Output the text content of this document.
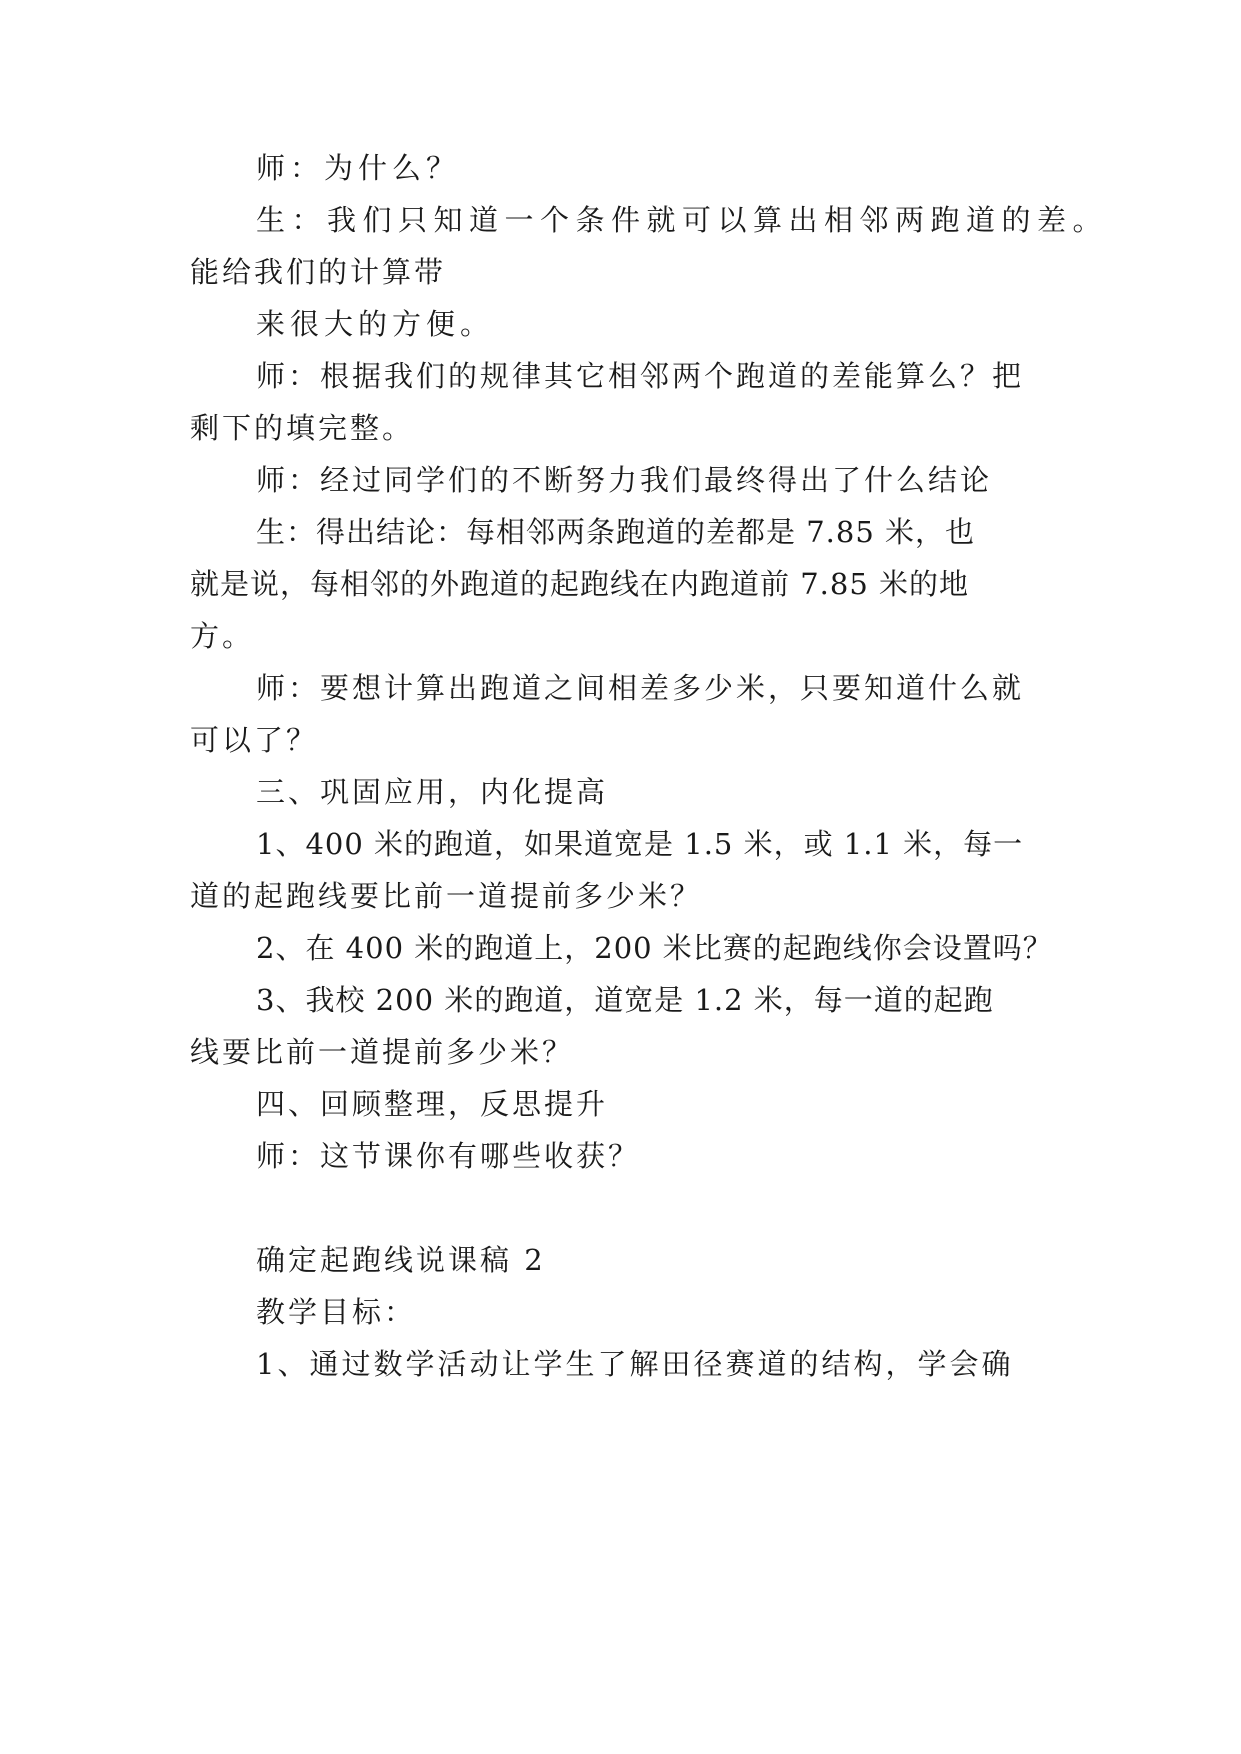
师：为什么？
生：我们只知道一个条件就可以算出相邻两跑道的差。
能给我们的计算带
来很大的方便。
师：根据我们的规律其它相邻两个跑道的差能算么？把
剩下的填完整。
师：经过同学们的不断努力我们最终得出了什么结论
生：得出结论：每相邻两条跑道的差都是 7.85 米，也
就是说，每相邻的外跑道的起跑线在内跑道前 7.85 米的地
方。
师：要想计算出跑道之间相差多少米，只要知道什么就
可以了？
三、巩固应用，内化提高
1、400 米的跑道，如果道宽是 1.5 米，或 1.1 米，每一
道的起跑线要比前一道提前多少米？
2、在 400 米的跑道上，200 米比赛的起跑线你会设置吗？
3、我校 200 米的跑道，道宽是 1.2 米，每一道的起跑
线要比前一道提前多少米？
四、回顾整理，反思提升
师：这节课你有哪些收获？
确定起跑线说课稿 2
教学目标：
1、通过数学活动让学生了解田径赛道的结构，学会确
